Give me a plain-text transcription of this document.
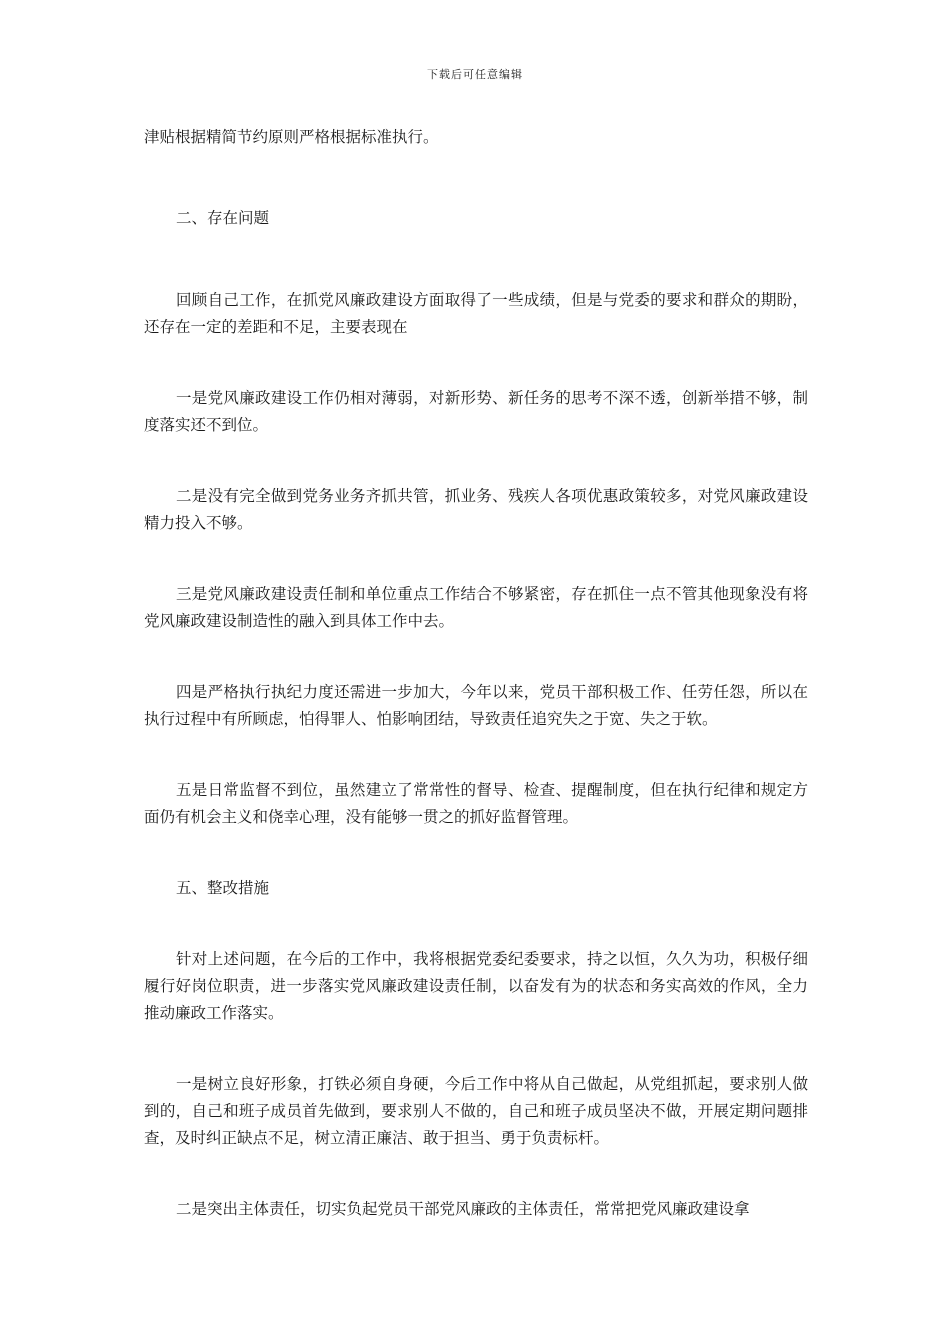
下载后可任意编辑

津贴根据精简节约原则严格根据标准执行。

二、存在问题

回顾自己工作，在抓党风廉政建设方面取得了一些成绩，但是与党委的要求和群众的期盼，还存在一定的差距和不足，主要表现在

一是党风廉政建设工作仍相对薄弱，对新形势、新任务的思考不深不透，创新举措不够，制度落实还不到位。

二是没有完全做到党务业务齐抓共管，抓业务、残疾人各项优惠政策较多，对党风廉政建设精力投入不够。

三是党风廉政建设责任制和单位重点工作结合不够紧密，存在抓住一点不管其他现象没有将党风廉政建设制造性的融入到具体工作中去。

四是严格执行执纪力度还需进一步加大，今年以来，党员干部积极工作、任劳任怨，所以在执行过程中有所顾虑，怕得罪人、怕影响团结，导致责任追究失之于宽、失之于软。

五是日常监督不到位，虽然建立了常常性的督导、检查、提醒制度，但在执行纪律和规定方面仍有机会主义和侥幸心理，没有能够一贯之的抓好监督管理。

五、整改措施

针对上述问题，在今后的工作中，我将根据党委纪委要求，持之以恒，久久为功，积极仔细履行好岗位职责，进一步落实党风廉政建设责任制，以奋发有为的状态和务实高效的作风，全力推动廉政工作落实。

一是树立良好形象，打铁必须自身硬，今后工作中将从自己做起，从党组抓起，要求别人做到的，自己和班子成员首先做到，要求别人不做的，自己和班子成员坚决不做，开展定期问题排查，及时纠正缺点不足，树立清正廉洁、敢于担当、勇于负责标杆。

二是突出主体责任，切实负起党员干部党风廉政的主体责任，常常把党风廉政建设拿
